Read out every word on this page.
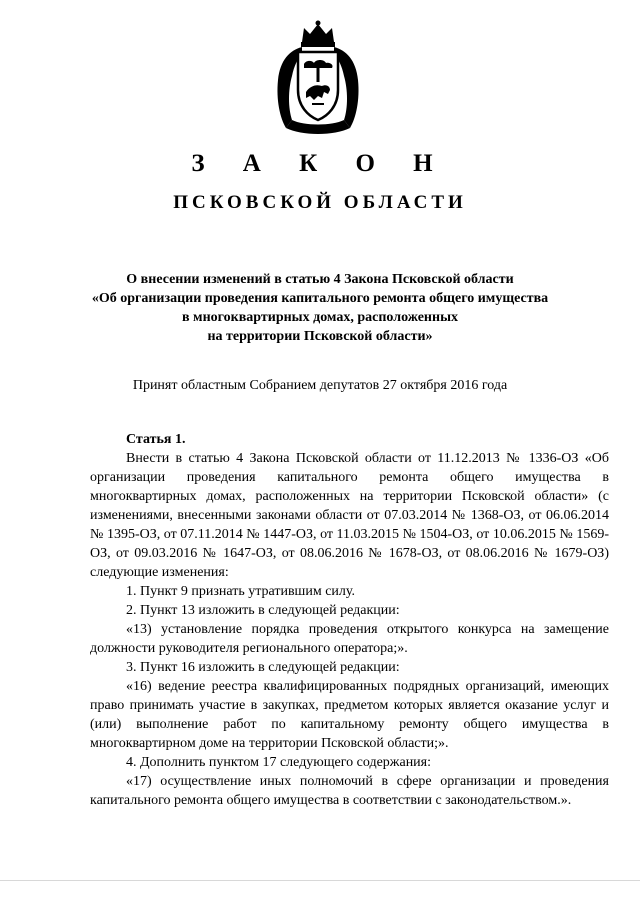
З А К О Н
ПСКОВСКОЙ ОБЛАСТИ
О внесении изменений в статью 4 Закона Псковской области
«Об организации проведения капитального ремонта общего имущества
в многоквартирных домах, расположенных
на территории Псковской области»
Принят областным Собранием депутатов 27 октября 2016 года

Статья 1.

Внести в статью 4 Закона Псковской области от 11.12.2013 № 1336-ОЗ «Об организации проведения капитального ремонта общего имущества в многоквартирных домах, расположенных на территории Псковской области» (с изменениями, внесенными законами области от 07.03.2014 № 1368-ОЗ, от 06.06.2014 № 1395-ОЗ, от 07.11.2014 № 1447-ОЗ, от 11.03.2015 № 1504-ОЗ, от 10.06.2015 № 1569-ОЗ, от 09.03.2016 № 1647-ОЗ, от 08.06.2016 № 1678-ОЗ, от 08.06.2016 № 1679-ОЗ) следующие изменения:

1. Пункт 9 признать утратившим силу.

2. Пункт 13 изложить в следующей редакции:

«13) установление порядка проведения открытого конкурса на замещение должности руководителя регионального оператора;».

3. Пункт 16 изложить в следующей редакции:

«16) ведение реестра квалифицированных подрядных организаций, имеющих право принимать участие в закупках, предметом которых является оказание услуг и (или) выполнение работ по капитальному ремонту общего имущества в многоквартирном доме на территории Псковской области;».

4. Дополнить пунктом 17 следующего содержания:

«17) осуществление иных полномочий в сфере организации и проведения капитального ремонта общего имущества в соответствии с законодательством.».
